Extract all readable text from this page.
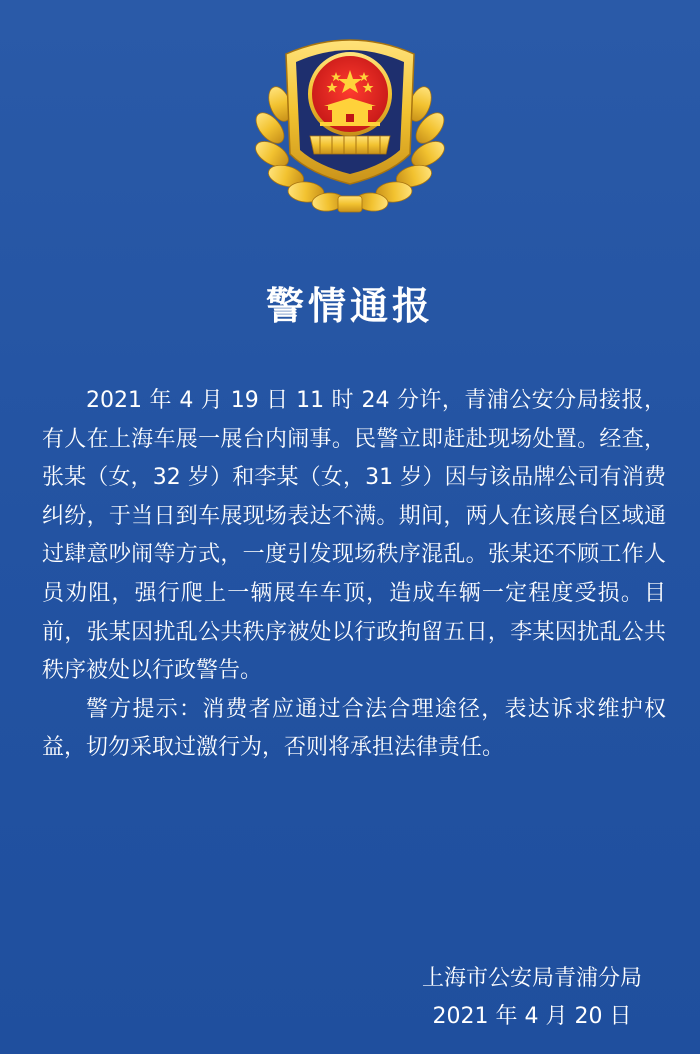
警情通报

2021 年 4 月 19 日 11 时 24 分许，青浦公安分局接报，有人在上海车展一展台内闹事。民警立即赶赴现场处置。经查，张某（女，32 岁）和李某（女，31 岁）因与该品牌公司有消费纠纷，于当日到车展现场表达不满。期间，两人在该展台区域通过肆意吵闹等方式，一度引发现场秩序混乱。张某还不顾工作人员劝阻，强行爬上一辆展车车顶，造成车辆一定程度受损。目前，张某因扰乱公共秩序被处以行政拘留五日，李某因扰乱公共秩序被处以行政警告。

警方提示：消费者应通过合法合理途径，表达诉求维护权益，切勿采取过激行为，否则将承担法律责任。

上海市公安局青浦分局
2021 年 4 月 20 日
